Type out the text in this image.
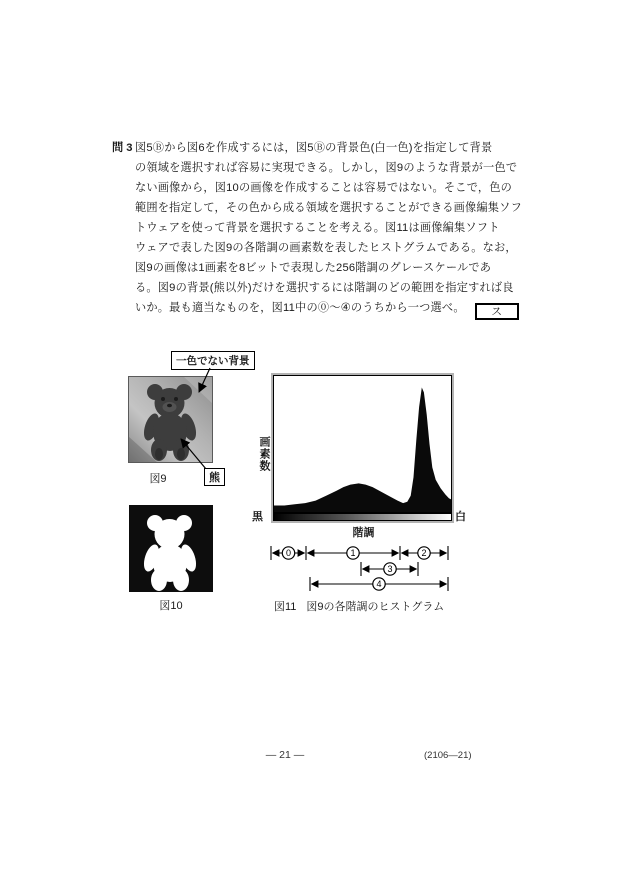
問 3 図5Ⓑから図6を作成するには，図5Ⓑの背景色(白一色)を指定して背景
の領域を選択すれば容易に実現できる。しかし，図9のような背景が一色で
ない画像から，図10の画像を作成することは容易ではない。そこで，色の
範囲を指定して，その色から成る領域を選択することができる画像編集ソフ
トウェアを使って背景を選択することを考える。図11は画像編集ソフト
ウェアで表した図9の各階調の画素数を表したヒストグラムである。なお，
図9の画像は1画素を8ビットで表現した256階調のグレースケールであ
る。図9の背景(熊以外)だけを選択するには階調のどの範囲を指定すれば良
いか。最も適当なものを，図11中の⓪～④のうちから一つ選べ。 ス
一色でない背景
図9	熊
図10
画素数
黒	白
階調
0	1	2
3
4
図11 図9の各階調のヒストグラム
— 21 —	(2106—21)
